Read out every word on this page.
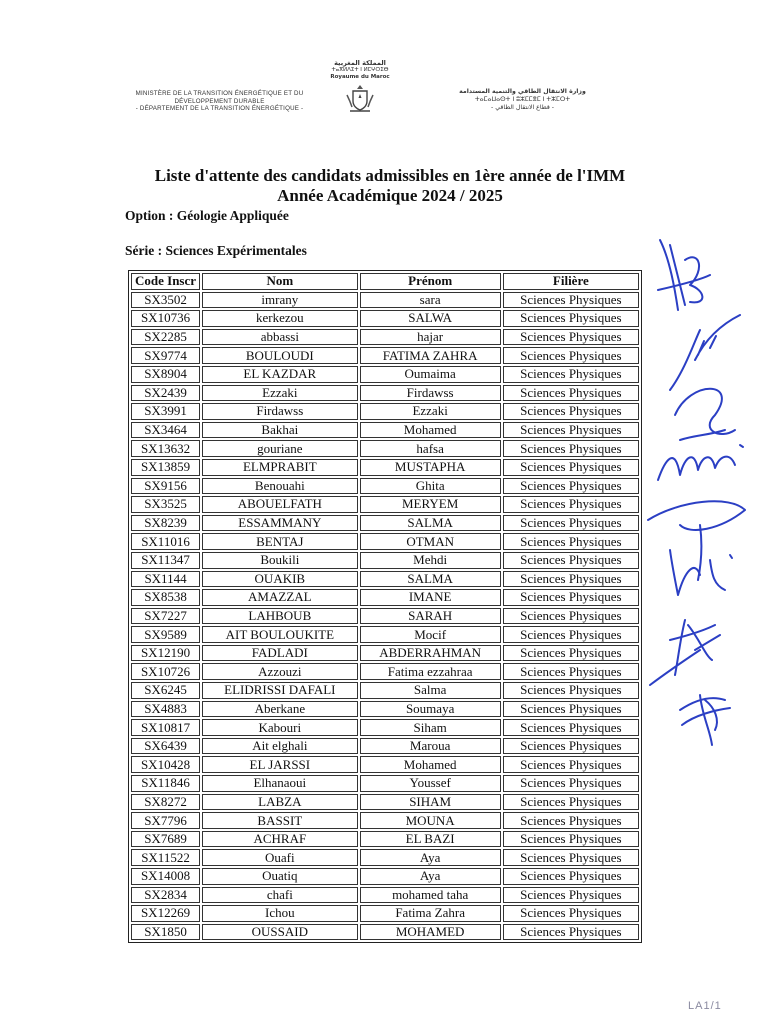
MINISTÈRE DE LA TRANSITION ÉNERGÉTIQUE ET DU
DÉVELOPPEMENT DURABLE
- DÉPARTEMENT DE LA TRANSITION ÉNERGÉTIQUE -
المملكة المغربية
ⵜⴰⴳⵍⴷⵉⵜ ⵏ ⵍⵎⵖⵔⵉⴱ
Royaume du Maroc
وزارة الانتقال الطاقي والتنمية المستدامة
ⵜⴰⵎⴰⵡⴰⵙⵜ ⵏ ⵓⵣⵎⵎⴻⵎ ⵏ ⵜⵣⵎⵔⵜ
- قطاع الانتقال الطاقي -
Liste d'attente des candidats admissibles en 1ère année de l'IMM
Année Académique 2024 / 2025
Option : Géologie Appliquée
Série : Sciences Expérimentales
Code Inscr	Nom	Prénom	Filière
SX3502	imrany	sara	Sciences Physiques
SX10736	kerkezou	SALWA	Sciences Physiques
SX2285	abbassi	hajar	Sciences Physiques
SX9774	BOULOUDI	FATIMA ZAHRA	Sciences Physiques
SX8904	EL KAZDAR	Oumaima	Sciences Physiques
SX2439	Ezzaki	Firdawss	Sciences Physiques
SX3991	Firdawss	Ezzaki	Sciences Physiques
SX3464	Bakhai	Mohamed	Sciences Physiques
SX13632	gouriane	hafsa	Sciences Physiques
SX13859	ELMPRABIT	MUSTAPHA	Sciences Physiques
SX9156	Benouahi	Ghita	Sciences Physiques
SX3525	ABOUELFATH	MERYEM	Sciences Physiques
SX8239	ESSAMMANY	SALMA	Sciences Physiques
SX11016	BENTAJ	OTMAN	Sciences Physiques
SX11347	Boukili	Mehdi	Sciences Physiques
SX1144	OUAKIB	SALMA	Sciences Physiques
SX8538	AMAZZAL	IMANE	Sciences Physiques
SX7227	LAHBOUB	SARAH	Sciences Physiques
SX9589	AIT BOULOUKITE	Mocif	Sciences Physiques
SX12190	FADLADI	ABDERRAHMAN	Sciences Physiques
SX10726	Azzouzi	Fatima ezzahraa	Sciences Physiques
SX6245	ELIDRISSI DAFALI	Salma	Sciences Physiques
SX4883	Aberkane	Soumaya	Sciences Physiques
SX10817	Kabouri	Siham	Sciences Physiques
SX6439	Ait elghali	Maroua	Sciences Physiques
SX10428	EL JARSSI	Mohamed	Sciences Physiques
SX11846	Elhanaoui	Youssef	Sciences Physiques
SX8272	LABZA	SIHAM	Sciences Physiques
SX7796	BASSIT	MOUNA	Sciences Physiques
SX7689	ACHRAF	EL BAZI	Sciences Physiques
SX11522	Ouafi	Aya	Sciences Physiques
SX14008	Ouatiq	Aya	Sciences Physiques
SX2834	chafi	mohamed taha	Sciences Physiques
SX12269	Ichou	Fatima Zahra	Sciences Physiques
SX1850	OUSSAID	MOHAMED	Sciences Physiques
LA1/1
